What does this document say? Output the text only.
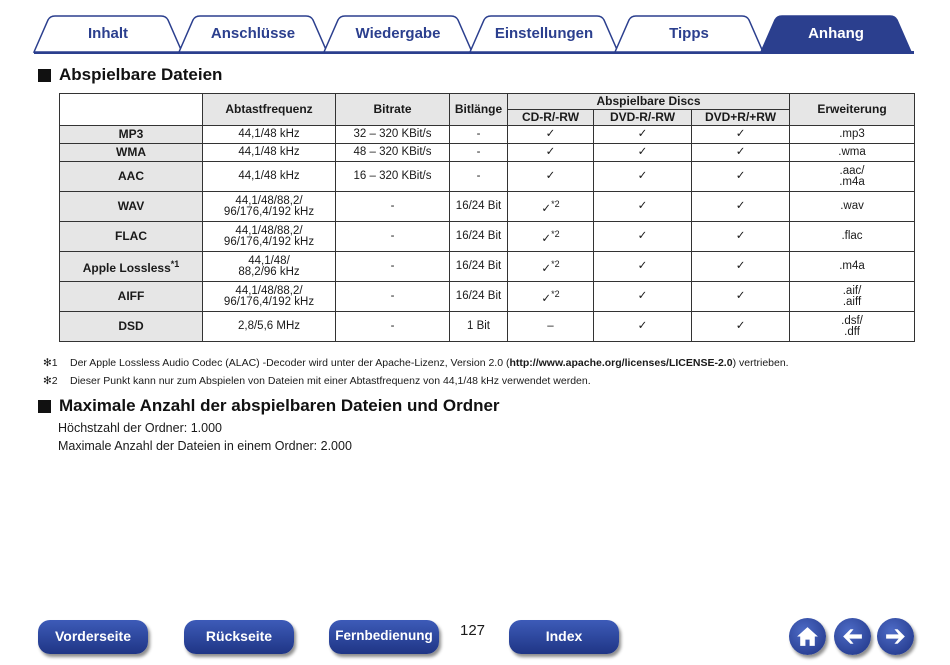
Inhalt	Anschlüsse	Wiedergabe	Einstellungen	Tipps	Anhang
Abspielbare Dateien
	Abtastfrequenz	Bitrate	Bitlänge	Abspielbare Discs			Erweiterung
				CD-R/-RW	DVD-R/-RW	DVD+R/+RW	
MP3	44,1/48 kHz	32 – 320 KBit/s	-	✓	✓	✓	.mp3

WMA	44,1/48 kHz	48 – 320 KBit/s	-	✓	✓	✓	.wma

AAC	44,1/48 kHz	16 – 320 KBit/s	-	✓	✓	✓	.aac/
.m4a

WAV	44,1/48/88,2/
96/176,4/192 kHz	-	16/24 Bit	✓$^{*2}$	✓	✓	.wav

FLAC	44,1/48/88,2/
96/176,4/192 kHz	-	16/24 Bit	✓$^{*2}$	✓	✓	.flac

Apple Lossless$^{*1}$	44,1/48/
88,2/96 kHz	-	16/24 Bit	✓$^{*2}$	✓	✓	.m4a

AIFF	44,1/48/88,2/
96/176,4/192 kHz	-	16/24 Bit	✓$^{*2}$	✓	✓	.aif/
.aiff

DSD	2,8/5,6 MHz	-	1 Bit	–	✓	✓	.dsf/
.dff
✻1	Der Apple Lossless Audio Codec (ALAC) -Decoder wird unter der Apache-Lizenz, Version 2.0 (http://www.apache.org/licenses/LICENSE-2.0) vertrieben.
✻2	Dieser Punkt kann nur zum Abspielen von Dateien mit einer Abtastfrequenz von 44,1/48 kHz verwendet werden.
Maximale Anzahl der abspielbaren Dateien und Ordner
Höchstzahl der Ordner: 1.000
Maximale Anzahl der Dateien in einem Ordner: 2.000
Vorderseite	Rückseite	Fernbedienung	127	Index
